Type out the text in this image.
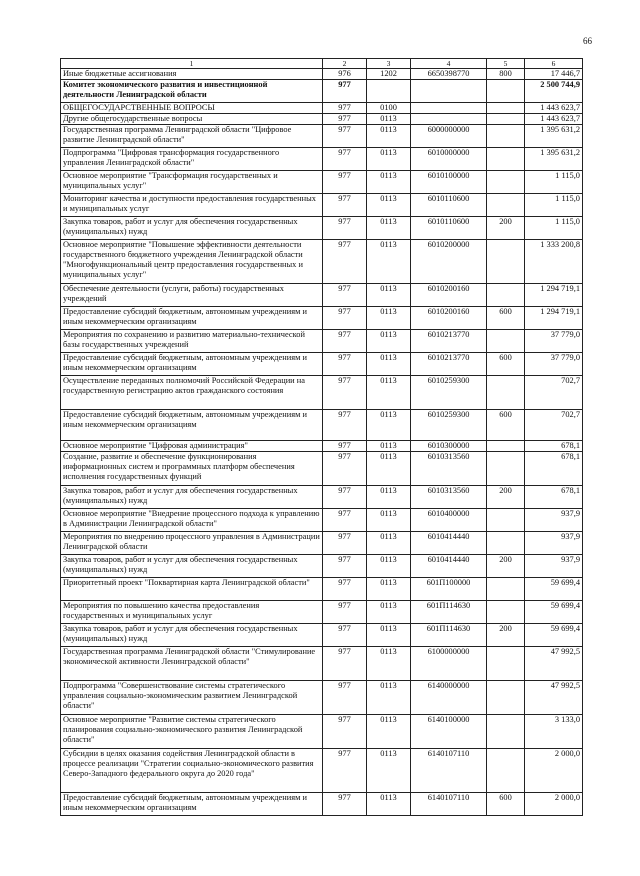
66
1	2	3	4	5	6
Иные бюджетные ассигнования	976	1202	6650398770	800	17 446,7
Комитет экономического развития и инвестиционной деятельности Ленинградской области	977				2 500 744,9
ОБЩЕГОСУДАРСТВЕННЫЕ ВОПРОСЫ	977	0100			1 443 623,7
Другие общегосударственные вопросы	977	0113			1 443 623,7
Государственная программа Ленинградской области "Цифровое развитие Ленинградской области"	977	0113	6000000000		1 395 631,2
Подпрограмма "Цифровая трансформация государственного управления Ленинградской области"	977	0113	6010000000		1 395 631,2
Основное мероприятие "Трансформация государственных и муниципальных услуг"	977	0113	6010100000		1 115,0
Мониторинг качества и доступности предоставления государственных и муниципальных услуг	977	0113	6010110600		1 115,0
Закупка товаров, работ и услуг для обеспечения государственных (муниципальных) нужд	977	0113	6010110600	200	1 115,0
Основное мероприятие "Повышение эффективности деятельности государственного бюджетного учреждения Ленинградской области "Многофункциональный центр предоставления государственных и муниципальных услуг"	977	0113	6010200000		1 333 200,8
Обеспечение деятельности (услуги, работы) государственных учреждений	977	0113	6010200160		1 294 719,1
Предоставление субсидий бюджетным, автономным учреждениям и иным некоммерческим организациям	977	0113	6010200160	600	1 294 719,1
Мероприятия по сохранению и развитию материально-технической базы государственных учреждений	977	0113	6010213770		37 779,0
Предоставление субсидий бюджетным, автономным учреждениям и иным некоммерческим организациям	977	0113	6010213770	600	37 779,0
Осуществление переданных полномочий Российской Федерации на государственную регистрацию актов гражданского состояния	977	0113	6010259300		702,7
Предоставление субсидий бюджетным, автономным учреждениям и иным некоммерческим организациям	977	0113	6010259300	600	702,7
Основное мероприятие "Цифровая администрация"	977	0113	6010300000		678,1
Создание, развитие и обеспечение функционирования информационных систем и программных платформ обеспечения исполнения государственных функций	977	0113	6010313560		678,1
Закупка товаров, работ и услуг для обеспечения государственных (муниципальных) нужд	977	0113	6010313560	200	678,1
Основное мероприятие "Внедрение процессного подхода к управлению в Администрации Ленинградской области"	977	0113	6010400000		937,9
Мероприятия по внедрению процессного управления в Администрации Ленинградской области	977	0113	6010414440		937,9
Закупка товаров, работ и услуг для обеспечения государственных (муниципальных) нужд	977	0113	6010414440	200	937,9
Приоритетный проект "Поквартирная карта Ленинградской области"	977	0113	601П100000		59 699,4
Мероприятия по повышению качества предоставления государственных и муниципальных услуг	977	0113	601П114630		59 699,4
Закупка товаров, работ и услуг для обеспечения государственных (муниципальных) нужд	977	0113	601П114630	200	59 699,4
Государственная программа Ленинградской области "Стимулирование экономической активности Ленинградской области"	977	0113	6100000000		47 992,5
Подпрограмма "Совершенствование системы стратегического управления социально-экономическим развитием Ленинградской области"	977	0113	6140000000		47 992,5
Основное мероприятие "Развитие системы стратегического планирования социально-экономического развития Ленинградской области"	977	0113	6140100000		3 133,0
Субсидии в целях оказания содействия Ленинградской области в процессе реализации "Стратегии социально-экономического развития Северо-Западного федерального округа до 2020 года"	977	0113	6140107110		2 000,0
Предоставление субсидий бюджетным, автономным учреждениям и иным некоммерческим организациям	977	0113	6140107110	600	2 000,0
